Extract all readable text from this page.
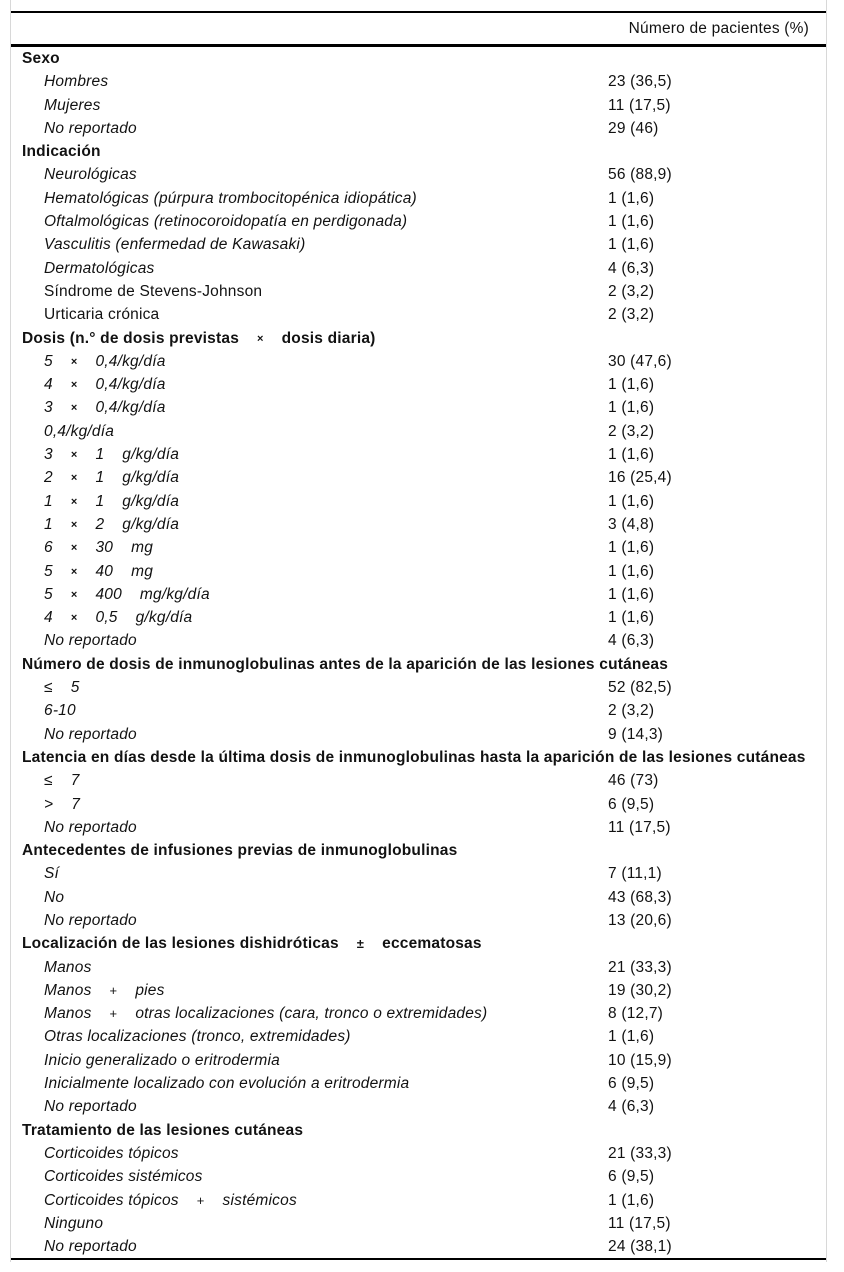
Número de pacientes (%)
Sexo
Hombres	23 (36,5)
Mujeres	11 (17,5)
No reportado	29 (46)
Indicación
Neurológicas	56 (88,9)
Hematológicas (púrpura trombocitopénica idiopática)	1 (1,6)
Oftalmológicas (retinocoroidopatía en perdigonada)	1 (1,6)
Vasculitis (enfermedad de Kawasaki)	1 (1,6)
Dermatológicas	4 (6,3)
Síndrome de Stevens-Johnson	2 (3,2)
Urticaria crónica	2 (3,2)
Dosis (n.° de dosis previstas × dosis diaria)
5 × 0,4/kg/día	30 (47,6)
4 × 0,4/kg/día	1 (1,6)
3 × 0,4/kg/día	1 (1,6)
0,4/kg/día	2 (3,2)
3 × 1 g/kg/día	1 (1,6)
2 × 1 g/kg/día	16 (25,4)
1 × 1 g/kg/día	1 (1,6)
1 × 2 g/kg/día	3 (4,8)
6 × 30 mg	1 (1,6)
5 × 40 mg	1 (1,6)
5 × 400 mg/kg/día	1 (1,6)
4 × 0,5 g/kg/día	1 (1,6)
No reportado	4 (6,3)
Número de dosis de inmunoglobulinas antes de la aparición de las lesiones cutáneas
≤ 5	52 (82,5)
6-10	2 (3,2)
No reportado	9 (14,3)
Latencia en días desde la última dosis de inmunoglobulinas hasta la aparición de las lesiones cutáneas
≤ 7	46 (73)
> 7	6 (9,5)
No reportado	11 (17,5)
Antecedentes de infusiones previas de inmunoglobulinas
Sí	7 (11,1)
No	43 (68,3)
No reportado	13 (20,6)
Localización de las lesiones dishidróticas ± eccematosas
Manos	21 (33,3)
Manos + pies	19 (30,2)
Manos + otras localizaciones (cara, tronco o extremidades)	8 (12,7)
Otras localizaciones (tronco, extremidades)	1 (1,6)
Inicio generalizado o eritrodermia	10 (15,9)
Inicialmente localizado con evolución a eritrodermia	6 (9,5)
No reportado	4 (6,3)
Tratamiento de las lesiones cutáneas
Corticoides tópicos	21 (33,3)
Corticoides sistémicos	6 (9,5)
Corticoides tópicos + sistémicos	1 (1,6)
Ninguno	11 (17,5)
No reportado	24 (38,1)
